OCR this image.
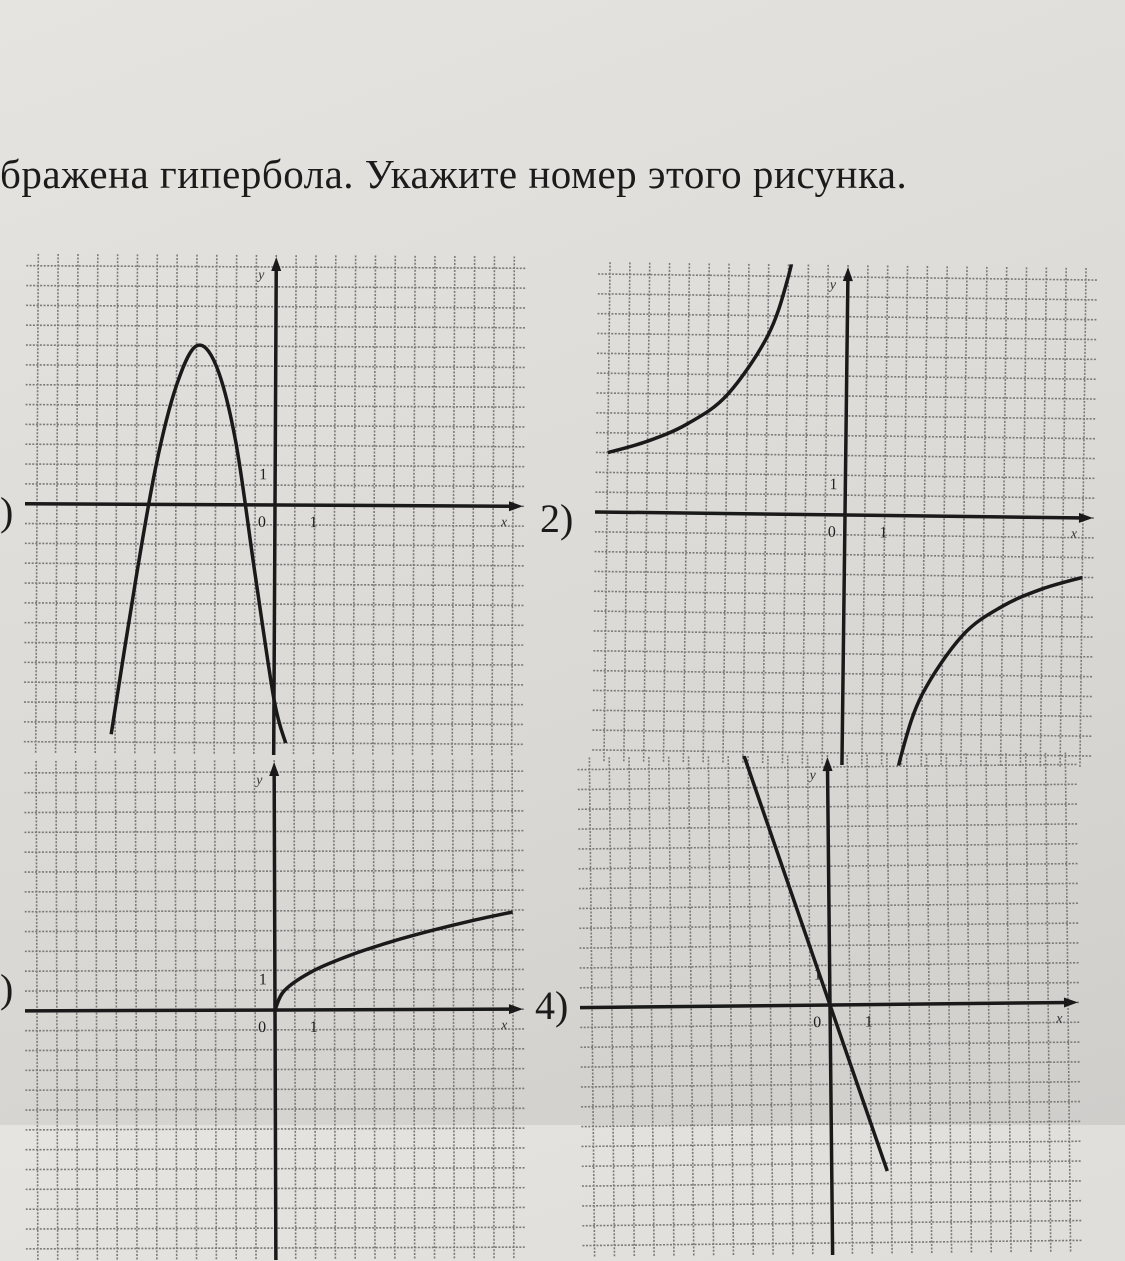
бражена гипербола. Укажите номер этого рисунка.
1
1
0	x
y
1
1
0	x
y
1
1
0	x
y
1
1
0	x
y
)	2)
)	4)
